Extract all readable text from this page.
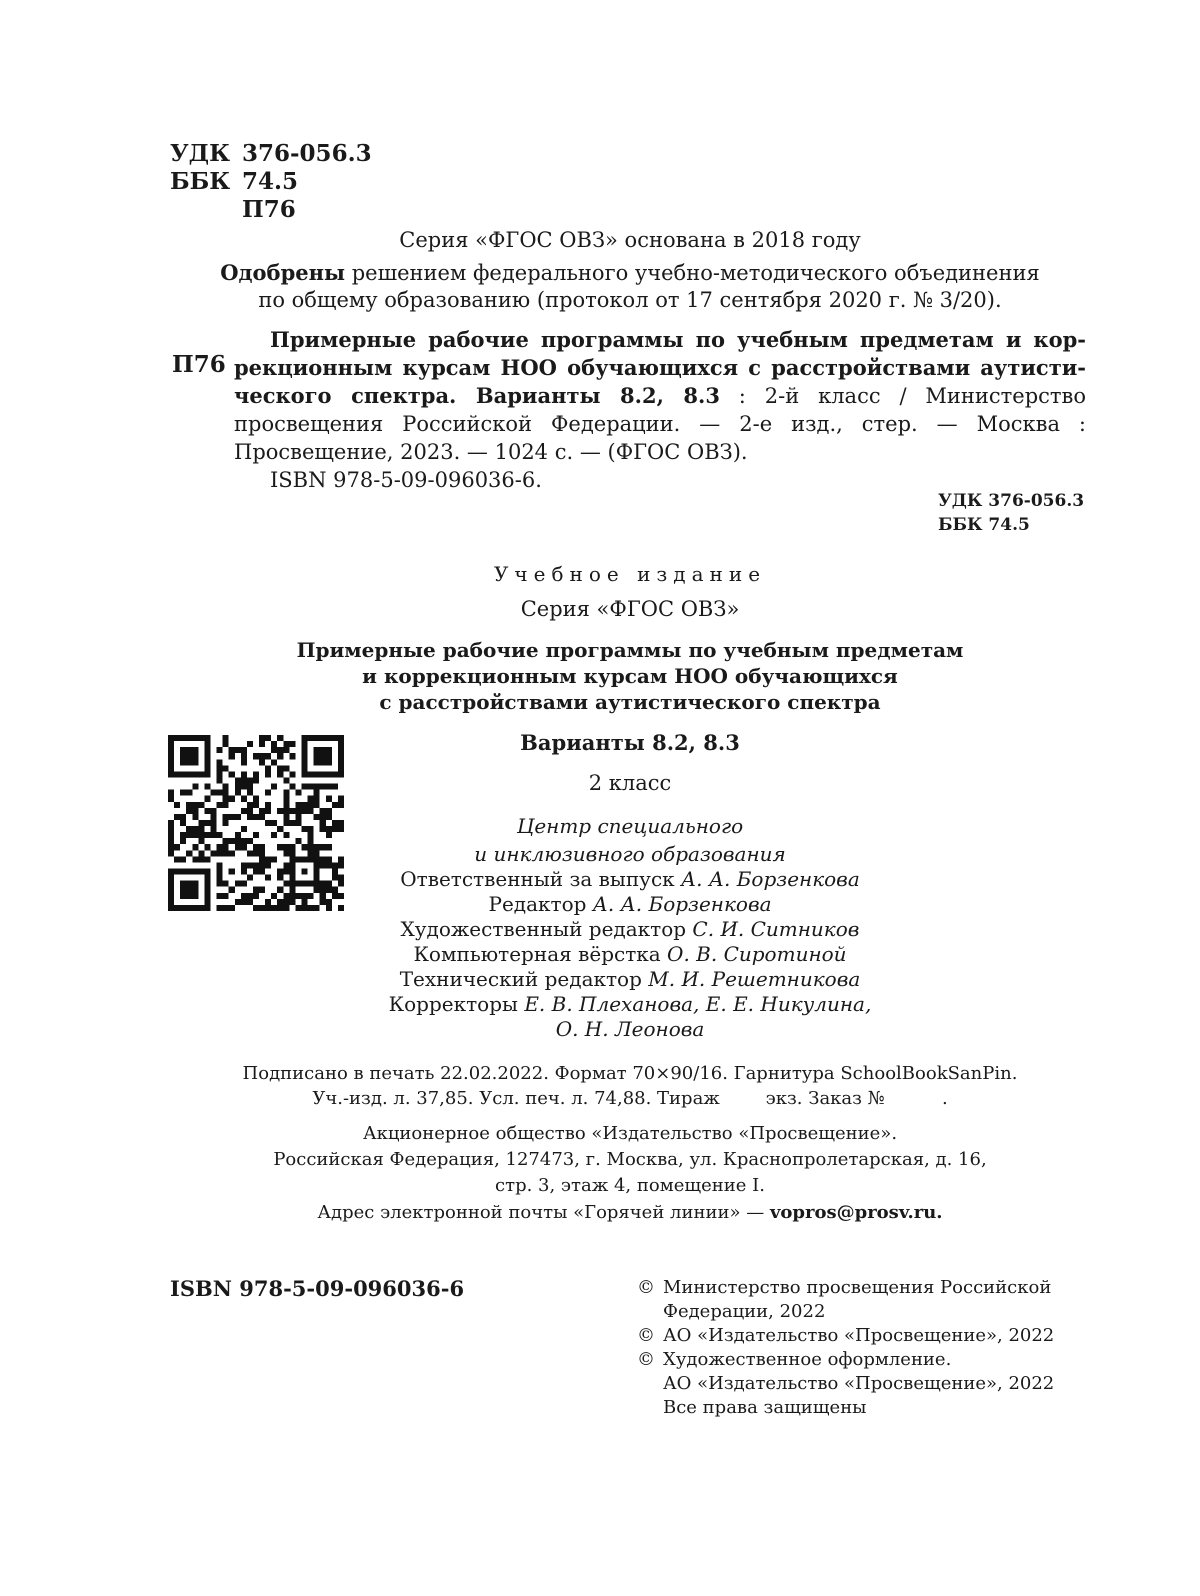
УДК 376-056.3
ББК 74.5
П76
Серия «ФГОС ОВЗ» основана в 2018 году
Одобрены решением федерального учебно-методического объединения
по общему образованию (протокол от 17 сентября 2020 г. № 3/20).
П76
Примерные рабочие программы по учебным предметам и кор-
рекционным курсам НОО обучающихся с расстройствами аутисти-
ческого спектра. Варианты 8.2, 8.3 : 2-й класс / Министерство
просвещения Российской Федерации. — 2-е изд., стер. — Москва :
Просвещение, 2023. — 1024 с. — (ФГОС ОВЗ).
ISBN 978-5-09-096036-6.
УДК 376-056.3
ББК 74.5
Учебное издание
Серия «ФГОС ОВЗ»
Примерные рабочие программы по учебным предметам
и коррекционным курсам НОО обучающихся
с расстройствами аутистического спектра
Варианты 8.2, 8.3
2 класс
Центр специального
и инклюзивного образования
Ответственный за выпуск А. А. Борзенкова
Редактор А. А. Борзенкова
Художественный редактор С. И. Ситников
Компьютерная вёрстка О. В. Сиротиной
Технический редактор М. И. Решетникова
Корректоры Е. В. Плеханова, Е. Е. Никулина,
О. Н. Леонова
Подписано в печать 22.02.2022. Формат 70×90/16. Гарнитура SchoolBookSanPin.
Уч.-изд. л. 37,85. Усл. печ. л. 74,88. Тираж        экз. Заказ №          .
Акционерное общество «Издательство «Просвещение».
Российская Федерация, 127473, г. Москва, ул. Краснопролетарская, д. 16,
стр. 3, этаж 4, помещение I.
Адрес электронной почты «Горячей линии» — vopros@prosv.ru.
ISBN 978-5-09-096036-6	© Министерство просвещения Российской
Федерации, 2022
© АО «Издательство «Просвещение», 2022
© Художественное оформление.
АО «Издательство «Просвещение», 2022
Все права защищены
